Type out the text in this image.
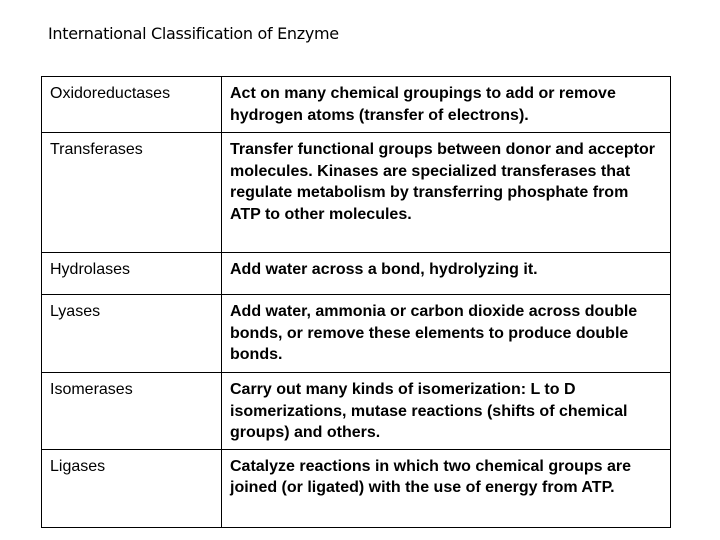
International Classification of Enzyme
Oxidoreductases	Act on many chemical groupings to add or remove hydrogen atoms (transfer of electrons).
Transferases	Transfer functional groups between donor and acceptor molecules. Kinases are specialized transferases that regulate metabolism by transferring phosphate from ATP to other molecules.
Hydrolases	Add water across a bond, hydrolyzing it.
Lyases	Add water, ammonia or carbon dioxide across double bonds, or remove these elements to produce double bonds.
Isomerases	Carry out many kinds of isomerization: L to D isomerizations, mutase reactions (shifts of chemical groups) and others.
Ligases	Catalyze reactions in which two chemical groups are joined (or ligated) with the use of energy from ATP.
